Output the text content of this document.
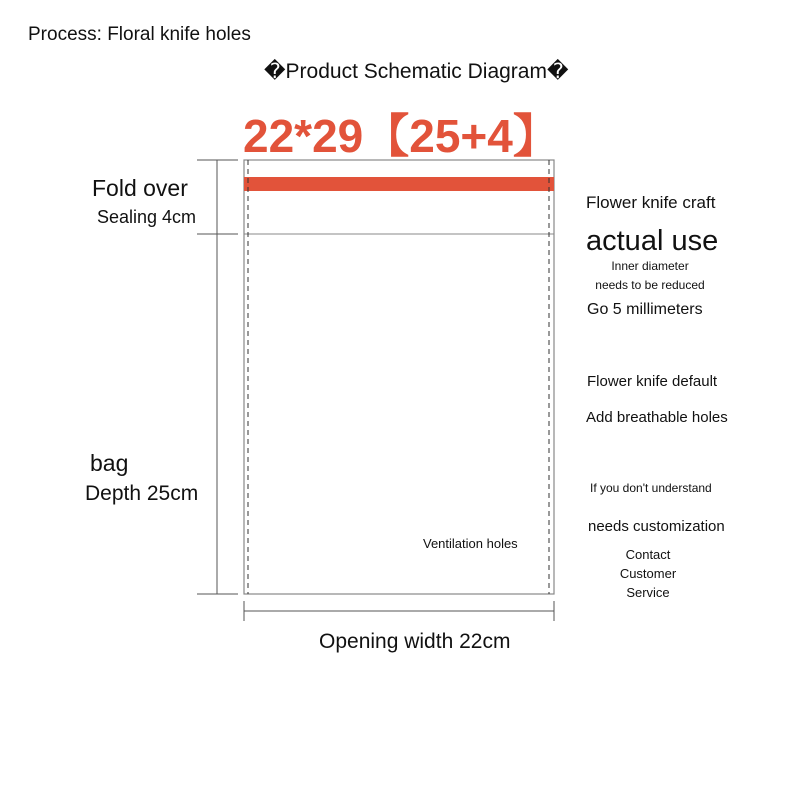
Process: Floral knife holes
�Product Schematic Diagram�
22*29【25+4】
Fold over
Sealing 4cm
bag
Depth 25cm
Opening width 22cm
Ventilation holes
Flower knife craft
actual use
Inner diameter needs to be reduced
Go 5 millimeters
Flower knife default
Add breathable holes
If you don't understand
needs customization
Contact Customer Service
